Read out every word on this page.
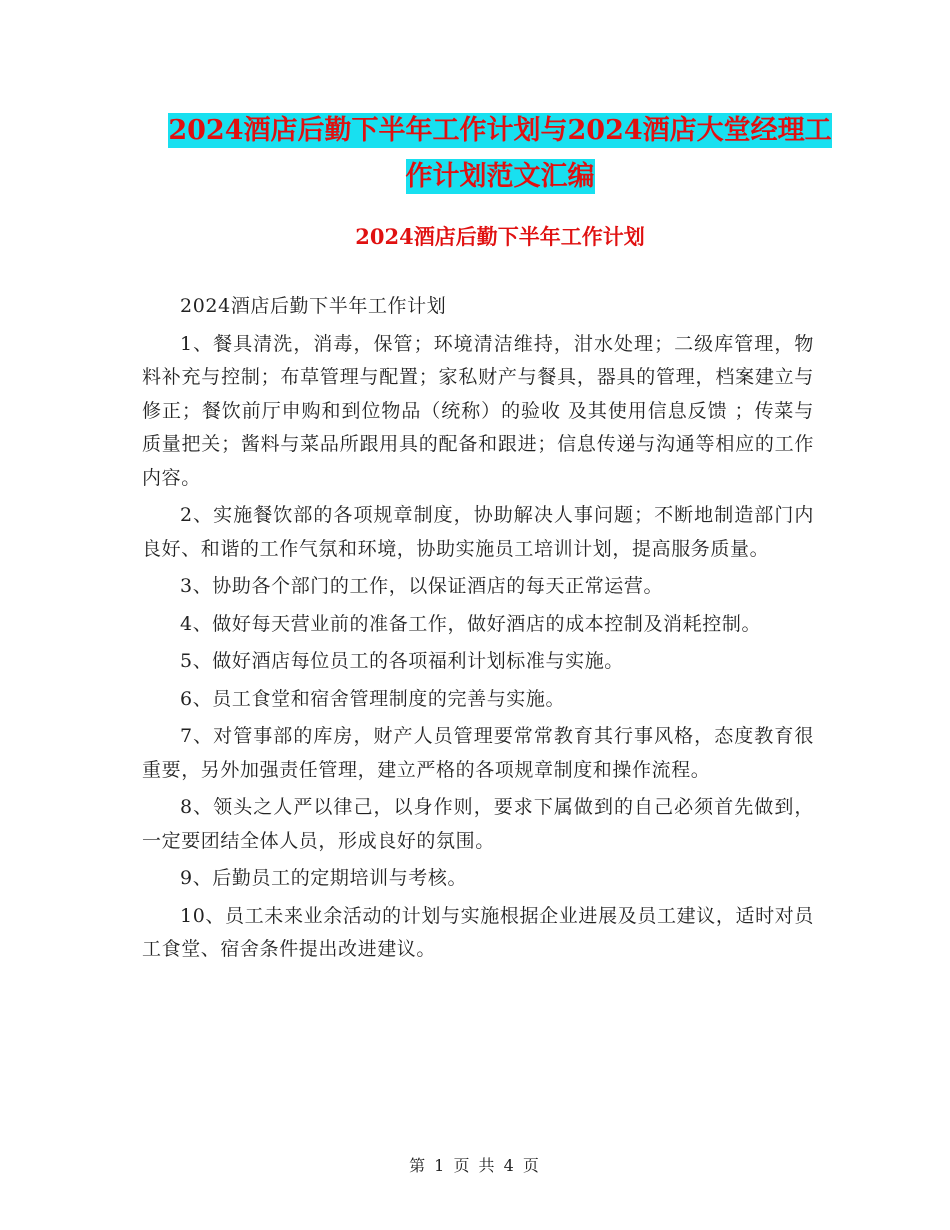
2024酒店后勤下半年工作计划与2024酒店大堂经理工
作计划范文汇编
2024酒店后勤下半年工作计划

2024酒店后勤下半年工作计划

1、餐具清洗，消毒，保管；环境清洁维持，泔水处理；二级库管理，物料补充与控制；布草管理与配置；家私财产与餐具，器具的管理，档案建立与修正；餐饮前厅申购和到位物品（统称）的验收 及其使用信息反馈 ；传菜与质量把关；酱料与菜品所跟用具的配备和跟进；信息传递与沟通等相应的工作内容。

2、实施餐饮部的各项规章制度，协助解决人事问题；不断地制造部门内良好、和谐的工作气氛和环境，协助实施员工培训计划，提高服务质量。

3、协助各个部门的工作，以保证酒店的每天正常运营。

4、做好每天营业前的准备工作，做好酒店的成本控制及消耗控制。

5、做好酒店每位员工的各项福利计划标准与实施。

6、员工食堂和宿舍管理制度的完善与实施。

7、对管事部的库房，财产人员管理要常常教育其行事风格，态度教育很重要，另外加强责任管理，建立严格的各项规章制度和操作流程。

8、领头之人严以律己，以身作则，要求下属做到的自己必须首先做到，一定要团结全体人员，形成良好的氛围。

9、后勤员工的定期培训与考核。

10、员工未来业余活动的计划与实施根据企业进展及员工建议，适时对员工食堂、宿舍条件提出改进建议。

第 1 页 共 4 页
